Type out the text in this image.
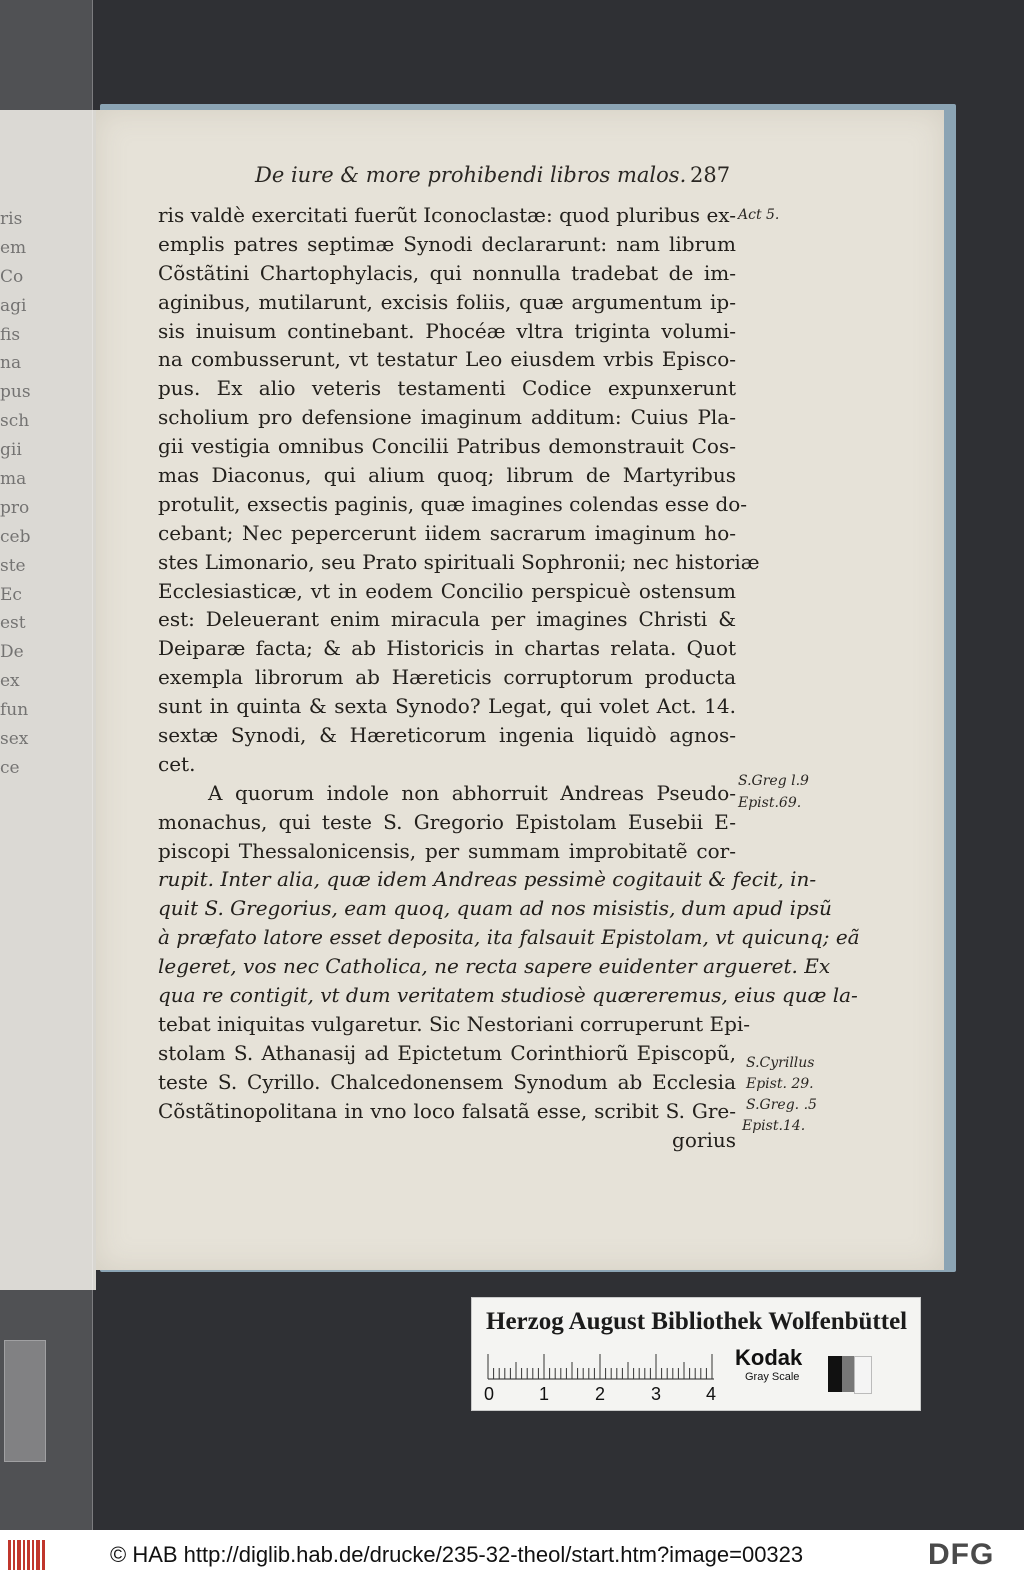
ris
em
Co
agi
fis
na
pus
sch
gii
ma
pro
ceb
ste
Ec
est
De
ex
fun
sex
ce
De iure & more prohibendi libros malos. 287
ris valdè exercitati fuerũt Iconoclastæ: quod pluribus ex-
emplis patres septimæ Synodi declararunt: nam librum
Cõstãtini Chartophylacis, qui nonnulla tradebat de im-
aginibus, mutilarunt, excisis foliis, quæ argumentum ip-
sis inuisum continebant. Phocéæ vltra triginta volumi-
na combusserunt, vt testatur Leo eiusdem vrbis Episco-
pus. Ex alio veteris testamenti Codice expunxerunt
scholium pro defensione imaginum additum: Cuius Pla-
gii vestigia omnibus Concilii Patribus demonstrauit Cos-
mas Diaconus, qui alium quoq; librum de Martyribus
protulit, exsectis paginis, quæ imagines colendas esse do-
cebant; Nec pepercerunt iidem sacrarum imaginum ho-
stes Limonario, seu Prato spirituali Sophronii; nec historiæ
Ecclesiasticæ, vt in eodem Concilio perspicuè ostensum
est: Deleuerant enim miracula per imagines Christi &
Deiparæ facta; & ab Historicis in chartas relata. Quot
exempla librorum ab Hæreticis corruptorum producta
sunt in quinta & sexta Synodo? Legat, qui volet Act. 14.
sextæ Synodi, & Hæreticorum ingenia liquidò agnos-
cet.
A quorum indole non abhorruit Andreas Pseudo-
monachus, qui teste S. Gregorio Epistolam Eusebii E-
piscopi Thessalonicensis, per summam improbitatẽ cor-
rupit. Inter alia, quæ idem Andreas pessimè cogitauit & fecit, in-
quit S. Gregorius, eam quoq, quam ad nos misistis, dum apud ipsũ
à præfato latore esset deposita, ita falsauit Epistolam, vt quicunq; eã
legeret, vos nec Catholica, ne recta sapere euidenter argueret. Ex
qua re contigit, vt dum veritatem studiosè quæreremus, eius quæ la-
tebat iniquitas vulgaretur. Sic Nestoriani corruperunt Epi-
stolam S. Athanasij ad Epictetum Corinthiorũ Episcopũ,
teste S. Cyrillo. Chalcedonensem Synodum ab Ecclesia
Cõstãtinopolitana in vno loco falsatã esse, scribit S. Gre-
gorius
Act 5.
S.Greg l.9
Epist.69.
S.Cyrillus
Epist. 29.
S.Greg. .5
Epist.14.
Herzog August Bibliothek Wolfenbüttel
0 1	2	3 4
Kodak
Gray Scale
© HAB http://diglib.hab.de/drucke/235-32-theol/start.htm?image=00323	DFG
